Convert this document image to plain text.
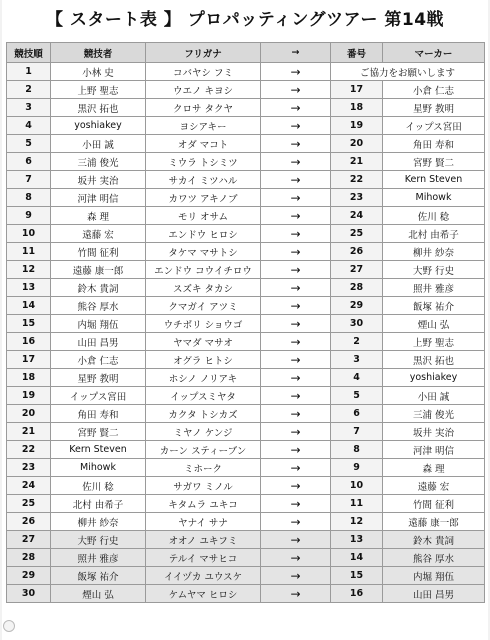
【 スタート表 】 プロパッティングツアー 第14戦
競技順	競技者	フリガナ	→	番号	マーカー
1	小林 史	コバヤシ フミ	→	ご協力をお願いします	
2	上野 聖志	ウエノ キヨシ	→	17	小倉 仁志
3	黒沢 拓也	クロサ タクヤ	→	18	星野 教明
4	yoshiakey	ヨシアキー	→	19	イップス宮田
5	小田 誠	オダ マコト	→	20	角田 寿和
6	三浦 俊光	ミウラ トシミツ	→	21	宮野 賢二
7	坂井 実治	サカイ ミツハル	→	22	Kern Steven
8	河津 明信	カワツ アキノブ	→	23	Mihowk
9	森 理	モリ オサム	→	24	佐川 稔
10	遠藤 宏	エンドウ ヒロシ	→	25	北村 由希子
11	竹間 征利	タケマ マサトシ	→	26	柳井 紗奈
12	遠藤 康一郎	エンドウ コウイチロウ	→	27	大野 行史
13	鈴木 貴詞	スズキ タカシ	→	28	照井 雅彦
14	熊谷 厚水	クマガイ アツミ	→	29	飯塚 祐介
15	内堀 翔伍	ウチボリ ショウゴ	→	30	煙山 弘
16	山田 昌男	ヤマダ マサオ	→	2	上野 聖志
17	小倉 仁志	オグラ ヒトシ	→	3	黒沢 拓也
18	星野 教明	ホシノ ノリアキ	→	4	yoshiakey
19	イップス宮田	イップスミヤタ	→	5	小田 誠
20	角田 寿和	カクタ トシカズ	→	6	三浦 俊光
21	宮野 賢二	ミヤノ ケンジ	→	7	坂井 実治
22	Kern Steven	カーン スティーブン	→	8	河津 明信
23	Mihowk	ミホーク	→	9	森 理
24	佐川 稔	サガワ ミノル	→	10	遠藤 宏
25	北村 由希子	キタムラ ユキコ	→	11	竹間 征利
26	柳井 紗奈	ヤナイ サナ	→	12	遠藤 康一郎
27	大野 行史	オオノ ユキフミ	→	13	鈴木 貴詞
28	照井 雅彦	テルイ マサヒコ	→	14	熊谷 厚水
29	飯塚 祐介	イイヅカ ユウスケ	→	15	内堀 翔伍
30	煙山 弘	ケムヤマ ヒロシ	→	16	山田 昌男
